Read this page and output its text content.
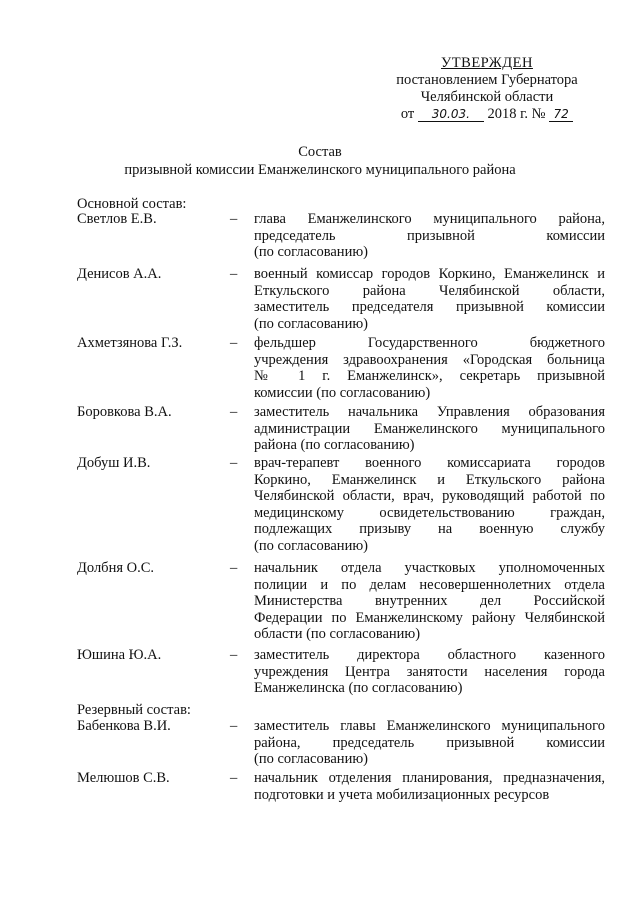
УТВЕРЖДЕН
постановлением Губернатора
Челябинской области
от 30.03. 2018 г. № 72
Состав
призывной комиссии Еманжелинского муниципального района
Основной состав:
Светлов Е.В.	–	глава Еманжелинского муниципального района,
председатель призывной комиссии
(по согласованию)
Денисов А.А.	–	военный комиссар городов Коркино, Еманжелинск и
Еткульского района Челябинской области,
заместитель председателя призывной комиссии
(по согласованию)
Ахметзянова Г.З.	–	фельдшер Государственного бюджетного
учреждения здравоохранения «Городская больница
№ 1 г. Еманжелинск», секретарь призывной
комиссии (по согласованию)
Боровкова В.А.	–	заместитель начальника Управления образования
администрации Еманжелинского муниципального
района (по согласованию)
Добуш И.В.	–	врач-терапевт военного комиссариата городов
Коркино, Еманжелинск и Еткульского района
Челябинской области, врач, руководящий работой по
медицинскому освидетельствованию граждан,
подлежащих призыву на военную службу
(по согласованию)
Долбня О.С.	–	начальник отдела участковых уполномоченных
полиции и по делам несовершеннолетних отдела
Министерства внутренних дел Российской
Федерации по Еманжелинскому району Челябинской
области (по согласованию)
Юшина Ю.А.	–	заместитель директора областного казенного
учреждения Центра занятости населения города
Еманжелинска (по согласованию)
Резервный состав:
Бабенкова В.И.	–	заместитель главы Еманжелинского муниципального
района, председатель призывной комиссии
(по согласованию)
Мелюшов С.В.	–	начальник отделения планирования, предназначения,
подготовки и учета мобилизационных ресурсов
